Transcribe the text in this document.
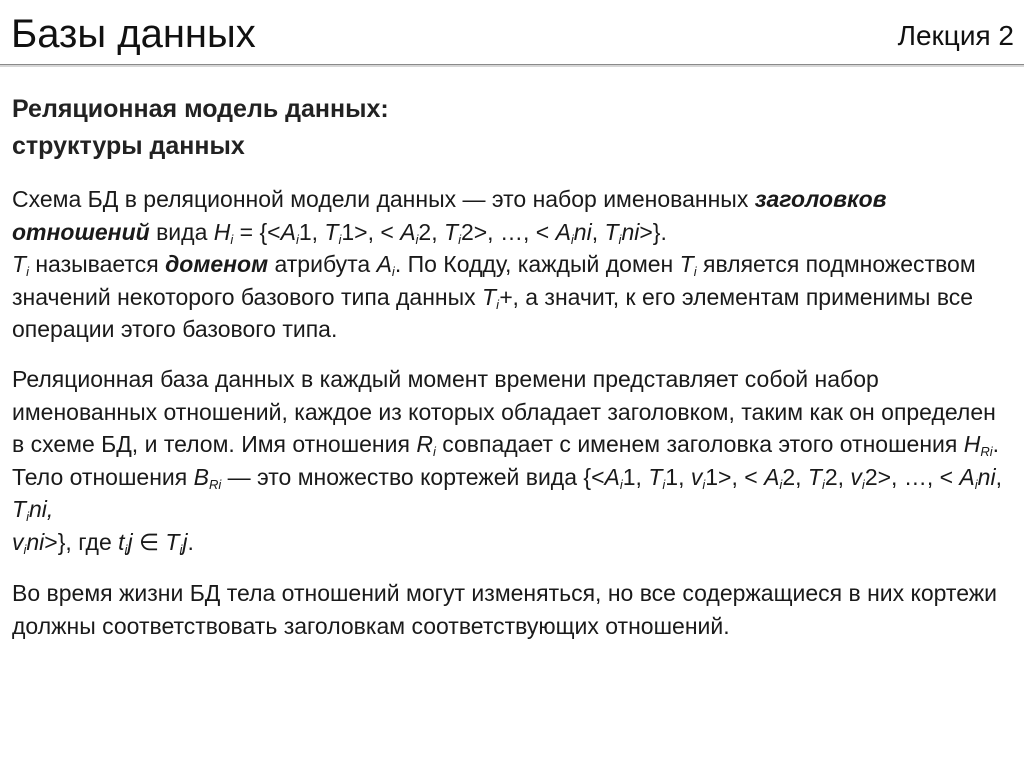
Базы данных	Лекция 2
Реляционная модель данных:
структуры данных
Схема БД в реляционной модели данных — это набор именованных заголовков отношений вида $H_i = \{<A_i1$, $T_i1>$, < $A_i2$, $T_i2>$, …, < $A_ini$, $T_ini>$}.
$T_i$ называется доменом атрибута $A_i$. По Кодду, каждый домен $T_i$ является подмножеством значений некоторого базового типа данных $T_i+$, а значит, к его элементам применимы все операции этого базового типа.
Реляционная база данных в каждый момент времени представляет собой набор именованных отношений, каждое из которых обладает заголовком, таким как он определен в схеме БД, и телом. Имя отношения $R_i$ совпадает с именем заголовка этого отношения $H_{Ri}$. Тело отношения $B_{Ri}$ — это множество кортежей вида {$<A_i1$, $T_i1$, $v_i1>$, < $A_i2$, $T_i2$, $v_i2>$, …, < $A_ini$, $T_ini$,
$v_ini>$}, где $t_ij$ ∈ $T_ij$.
Во время жизни БД тела отношений могут изменяться, но все содержащиеся в них кортежи должны соответствовать заголовкам соответствующих отношений.
